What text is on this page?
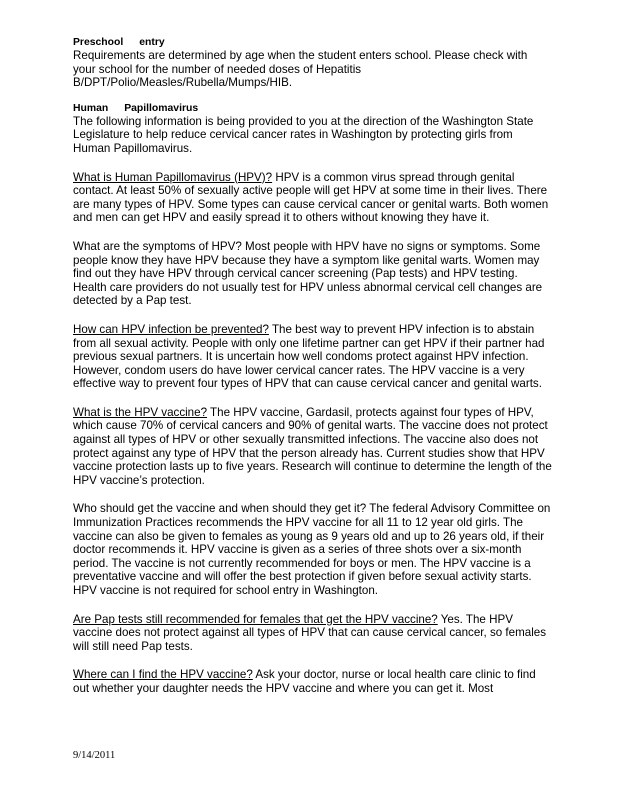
Preschool entry

Requirements are determined by age when the student enters school. Please check with your school for the number of needed doses of Hepatitis B/DPT/Polio/Measles/Rubella/Mumps/HIB.

Human Papillomavirus

The following information is being provided to you at the direction of the Washington State Legislature to help reduce cervical cancer rates in Washington by protecting girls from Human Papillomavirus.

What is Human Papillomavirus (HPV)? HPV is a common virus spread through genital contact. At least 50% of sexually active people will get HPV at some time in their lives. There are many types of HPV. Some types can cause cervical cancer or genital warts. Both women and men can get HPV and easily spread it to others without knowing they have it.

What are the symptoms of HPV? Most people with HPV have no signs or symptoms. Some people know they have HPV because they have a symptom like genital warts. Women may find out they have HPV through cervical cancer screening (Pap tests) and HPV testing. Health care providers do not usually test for HPV unless abnormal cervical cell changes are detected by a Pap test.

How can HPV infection be prevented? The best way to prevent HPV infection is to abstain from all sexual activity. People with only one lifetime partner can get HPV if their partner had previous sexual partners. It is uncertain how well condoms protect against HPV infection. However, condom users do have lower cervical cancer rates. The HPV vaccine is a very effective way to prevent four types of HPV that can cause cervical cancer and genital warts.

What is the HPV vaccine? The HPV vaccine, Gardasil, protects against four types of HPV, which cause 70% of cervical cancers and 90% of genital warts. The vaccine does not protect against all types of HPV or other sexually transmitted infections. The vaccine also does not protect against any type of HPV that the person already has. Current studies show that HPV vaccine protection lasts up to five years. Research will continue to determine the length of the HPV vaccine’s protection.

Who should get the vaccine and when should they get it? The federal Advisory Committee on Immunization Practices recommends the HPV vaccine for all 11 to 12 year old girls. The vaccine can also be given to females as young as 9 years old and up to 26 years old, if their doctor recommends it. HPV vaccine is given as a series of three shots over a six-month period. The vaccine is not currently recommended for boys or men. The HPV vaccine is a preventative vaccine and will offer the best protection if given before sexual activity starts. HPV vaccine is not required for school entry in Washington.

Are Pap tests still recommended for females that get the HPV vaccine? Yes. The HPV vaccine does not protect against all types of HPV that can cause cervical cancer, so females will still need Pap tests.

Where can I find the HPV vaccine? Ask your doctor, nurse or local health care clinic to find out whether your daughter needs the HPV vaccine and where you can get it. Most

9/14/2011
